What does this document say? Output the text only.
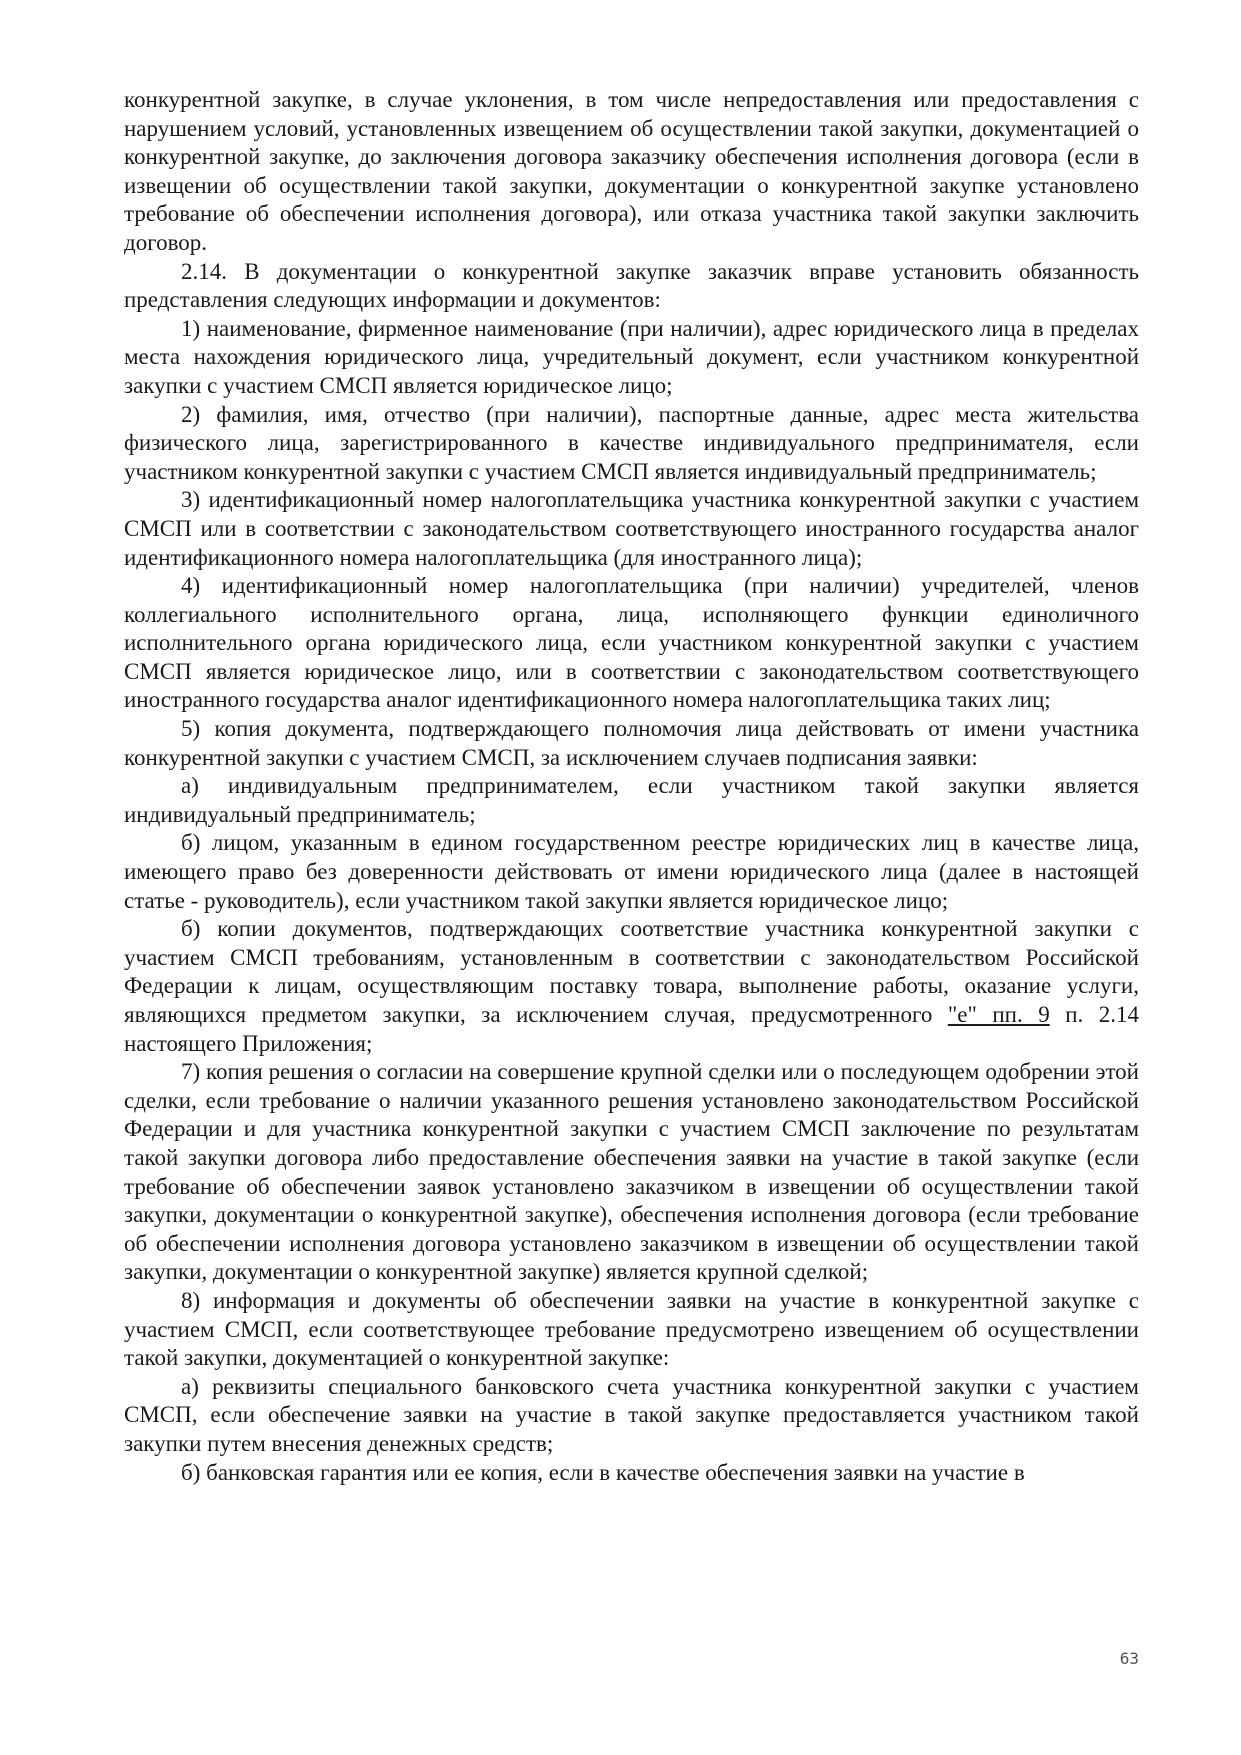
конкурентной закупке, в случае уклонения, в том числе непредоставления или предоставления с нарушением условий, установленных извещением об осуществлении такой закупки, документацией о конкурентной закупке, до заключения договора заказчику обеспечения исполнения договора (если в извещении об осуществлении такой закупки, документации о конкурентной закупке установлено требование об обеспечении исполнения договора), или отказа участника такой закупки заключить договор.

2.14. В документации о конкурентной закупке заказчик вправе установить обязанность представления следующих информации и документов:

1) наименование, фирменное наименование (при наличии), адрес юридического лица в пределах места нахождения юридического лица, учредительный документ, если участником конкурентной закупки с участием СМСП является юридическое лицо;

2) фамилия, имя, отчество (при наличии), паспортные данные, адрес места жительства физического лица, зарегистрированного в качестве индивидуального предпринимателя, если участником конкурентной закупки с участием СМСП является индивидуальный предприниматель;

3) идентификационный номер налогоплательщика участника конкурентной закупки с участием СМСП или в соответствии с законодательством соответствующего иностранного государства аналог идентификационного номера налогоплательщика (для иностранного лица);

4) идентификационный номер налогоплательщика (при наличии) учредителей, членов коллегиального исполнительного органа, лица, исполняющего функции единоличного исполнительного органа юридического лица, если участником конкурентной закупки с участием СМСП является юридическое лицо, или в соответствии с законодательством соответствующего иностранного государства аналог идентификационного номера налогоплательщика таких лиц;

5) копия документа, подтверждающего полномочия лица действовать от имени участника конкурентной закупки с участием СМСП, за исключением случаев подписания заявки:

а) индивидуальным предпринимателем, если участником такой закупки является индивидуальный предприниматель;

б) лицом, указанным в едином государственном реестре юридических лиц в качестве лица, имеющего право без доверенности действовать от имени юридического лица (далее в настоящей статье - руководитель), если участником такой закупки является юридическое лицо;

б) копии документов, подтверждающих соответствие участника конкурентной закупки с участием СМСП требованиям, установленным в соответствии с законодательством Российской Федерации к лицам, осуществляющим поставку товара, выполнение работы, оказание услуги, являющихся предметом закупки, за исключением случая, предусмотренного "е" пп. 9 п. 2.14 настоящего Приложения;

7) копия решения о согласии на совершение крупной сделки или о последующем одобрении этой сделки, если требование о наличии указанного решения установлено законодательством Российской Федерации и для участника конкурентной закупки с участием СМСП заключение по результатам такой закупки договора либо предоставление обеспечения заявки на участие в такой закупке (если требование об обеспечении заявок установлено заказчиком в извещении об осуществлении такой закупки, документации о конкурентной закупке), обеспечения исполнения договора (если требование об обеспечении исполнения договора установлено заказчиком в извещении об осуществлении такой закупки, документации о конкурентной закупке) является крупной сделкой;

8) информация и документы об обеспечении заявки на участие в конкурентной закупке с участием СМСП, если соответствующее требование предусмотрено извещением об осуществлении такой закупки, документацией о конкурентной закупке:

а) реквизиты специального банковского счета участника конкурентной закупки с участием СМСП, если обеспечение заявки на участие в такой закупке предоставляется участником такой закупки путем внесения денежных средств;

б) банковская гарантия или ее копия, если в качестве обеспечения заявки на участие в

63
